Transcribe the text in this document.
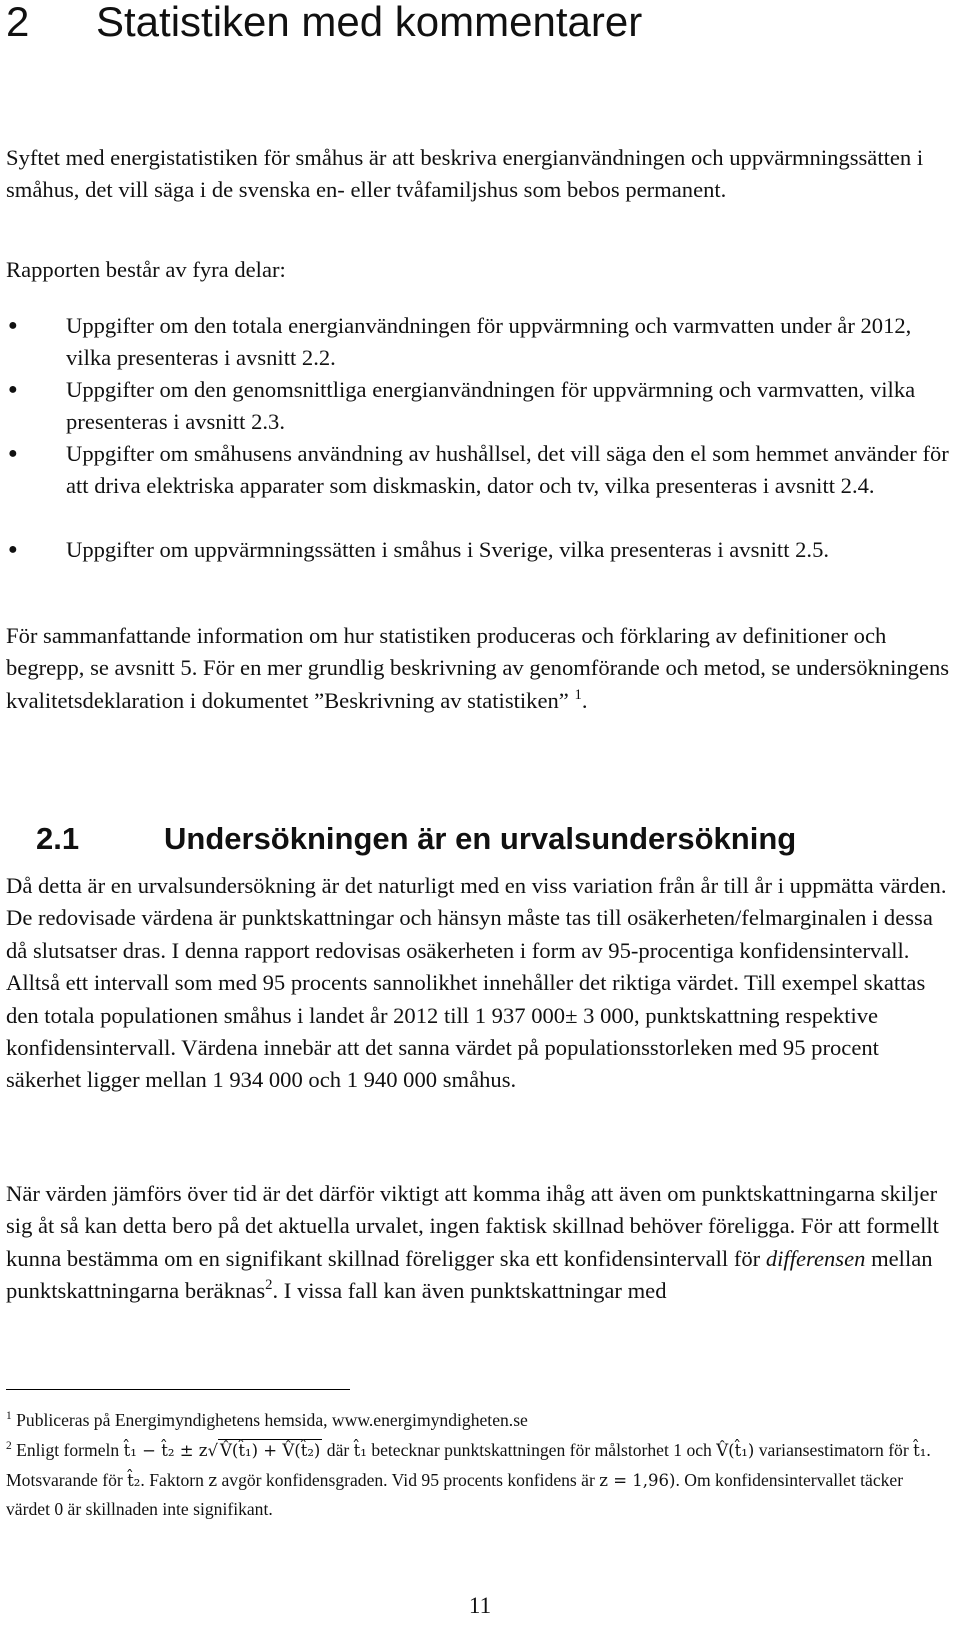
2 Statistiken med kommentarer

Syftet med energistatistiken för småhus är att beskriva energianvändningen och uppvärmningssätten i småhus, det vill säga i de svenska en- eller tvåfamiljshus som bebos permanent.

Rapporten består av fyra delar:

● Uppgifter om den totala energianvändningen för uppvärmning och varmvatten under år 2012, vilka presenteras i avsnitt 2.2.
● Uppgifter om den genomsnittliga energianvändningen för uppvärmning och varmvatten, vilka presenteras i avsnitt 2.3.
● Uppgifter om småhusens användning av hushållsel, det vill säga den el som hemmet använder för att driva elektriska apparater som diskmaskin, dator och tv, vilka presenteras i avsnitt 2.4.
● Uppgifter om uppvärmningssätten i småhus i Sverige, vilka presenteras i avsnitt 2.5.

För sammanfattande information om hur statistiken produceras och förklaring av definitioner och begrepp, se avsnitt 5. För en mer grundlig beskrivning av genomförande och metod, se undersökningens kvalitetsdeklaration i dokumentet ”Beskrivning av statistiken” $^1$.

2.1	Undersökningen är en urvalsundersökning

Då detta är en urvalsundersökning är det naturligt med en viss variation från år till år i uppmätta värden. De redovisade värdena är punktskattningar och hänsyn måste tas till osäkerheten/felmarginalen i dessa då slutsatser dras. I denna rapport redovisas osäkerheten i form av 95-procentiga konfidensintervall. Alltså ett intervall som med 95 procents sannolikhet innehåller det riktiga värdet. Till exempel skattas den totala populationen småhus i landet år 2012 till 1 937 000± 3 000, punktskattning respektive konfidensintervall. Värdena innebär att det sanna värdet på populationsstorleken med 95 procent säkerhet ligger mellan 1 934 000 och 1 940 000 småhus.

När värden jämförs över tid är det därför viktigt att komma ihåg att även om punktskattningarna skiljer sig åt så kan detta bero på det aktuella urvalet, ingen faktisk skillnad behöver föreligga. För att formellt kunna bestämma om en signifikant skillnad föreligger ska ett konfidensintervall för differensen mellan punktskattningarna beräknas$^2$. I vissa fall kan även punktskattningar med

$^1$ Publiceras på Energimyndighetens hemsida, www.energimyndigheten.se

$^2$ Enligt formeln t̂₁ − t̂₂ ± z√ V̂(t̂₁) + V̂(t̂₂) där t̂₁ betecknar punktskattningen för målstorhet 1 och V̂(t̂₁) variansestimatorn för t̂₁. Motsvarande för t̂₂. Faktorn z avgör konfidensgraden. Vid 95 procents konfidens är z = 1,96). Om konfidensintervallet täcker värdet 0 är skillnaden inte signifikant.

11
